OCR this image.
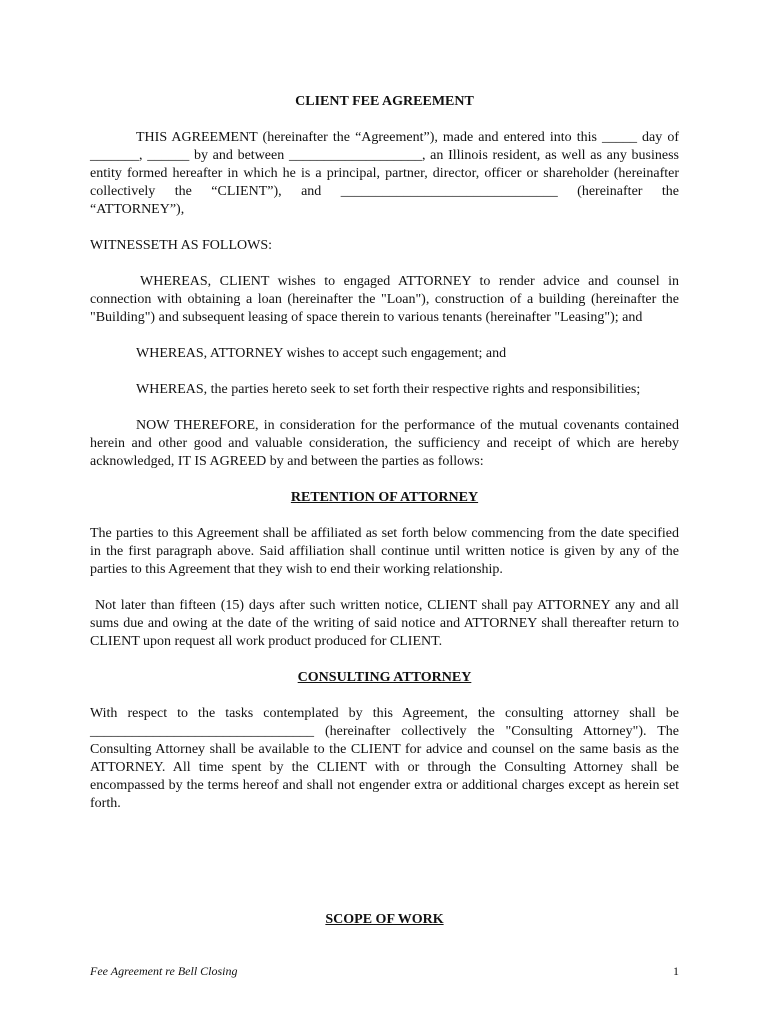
CLIENT FEE AGREEMENT

THIS AGREEMENT (hereinafter the “Agreement”), made and entered into this _____ day of _______, ______ by and between ___________________, an Illinois resident, as well as any business entity formed hereafter in which he is a principal, partner, director, officer or shareholder (hereinafter collectively the “CLIENT”), and _______________________________ (hereinafter the “ATTORNEY”),

WITNESSETH AS FOLLOWS:

WHEREAS, CLIENT wishes to engaged ATTORNEY to render advice and counsel in connection with obtaining a loan (hereinafter the "Loan"), construction of a building (hereinafter the "Building") and subsequent leasing of space therein to various tenants (hereinafter "Leasing"); and

WHEREAS, ATTORNEY wishes to accept such engagement; and

WHEREAS, the parties hereto seek to set forth their respective rights and responsibilities;

NOW THEREFORE, in consideration for the performance of the mutual covenants contained herein and other good and valuable consideration, the sufficiency and receipt of which are hereby acknowledged, IT IS AGREED by and between the parties as follows:

RETENTION OF ATTORNEY

The parties to this Agreement shall be affiliated as set forth below commencing from the date specified in the first paragraph above. Said affiliation shall continue until written notice is given by any of the parties to this Agreement that they wish to end their working relationship.

Not later than fifteen (15) days after such written notice, CLIENT shall pay ATTORNEY any and all sums due and owing at the date of the writing of said notice and ATTORNEY shall thereafter return to CLIENT upon request all work product produced for CLIENT.

CONSULTING ATTORNEY

With respect to the tasks contemplated by this Agreement, the consulting attorney shall be ________________________________ (hereinafter collectively the "Consulting Attorney"). The Consulting Attorney shall be available to the CLIENT for advice and counsel on the same basis as the ATTORNEY. All time spent by the CLIENT with or through the Consulting Attorney shall be encompassed by the terms hereof and shall not engender extra or additional charges except as herein set forth.

SCOPE OF WORK
Fee Agreement re Bell Closing	1
